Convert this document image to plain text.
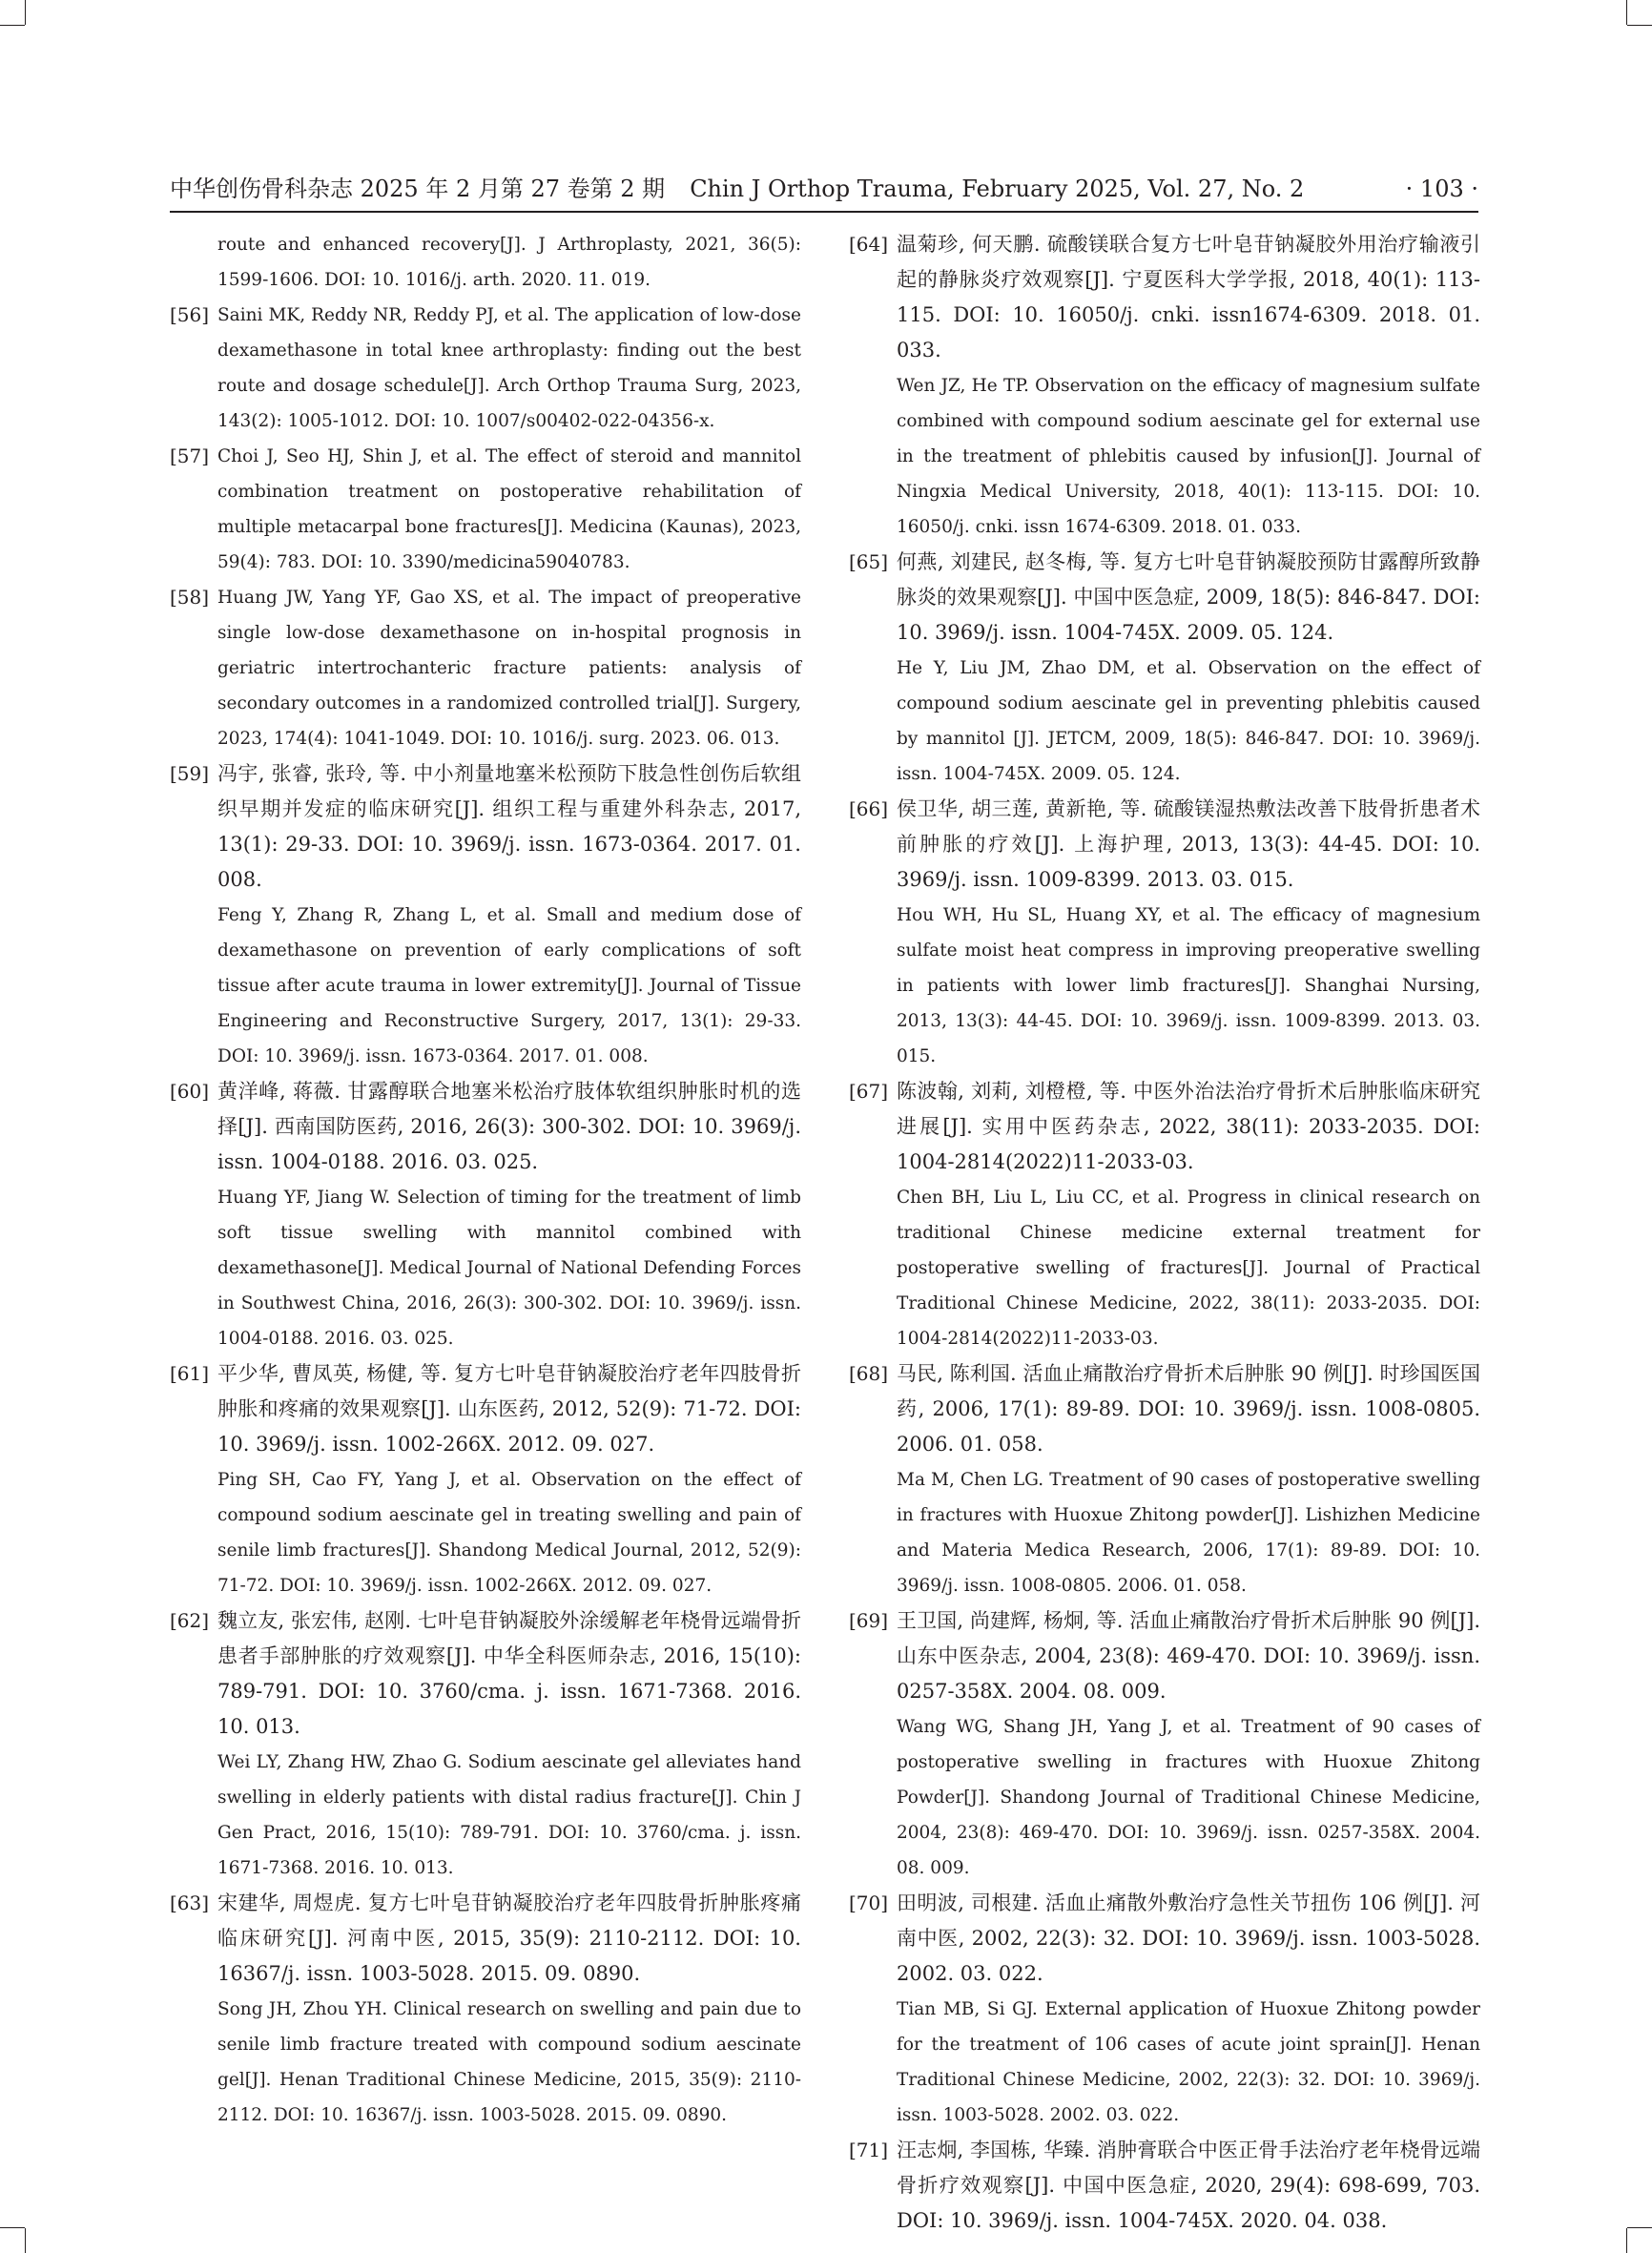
中华创伤骨科杂志 2025 年 2 月第 27 卷第 2 期 Chin J Orthop Trauma, February 2025, Vol. 27, No. 2	· 103 ·

route and enhanced recovery[J]. J Arthroplasty, 2021, 36(5): 1599-1606. DOI: 10. 1016/j. arth. 2020. 11. 019.

[56] Saini MK, Reddy NR, Reddy PJ, et al. The application of low-dose dexamethasone in total knee arthroplasty: finding out the best route and dosage schedule[J]. Arch Orthop Trauma Surg, 2023, 143(2): 1005-1012. DOI: 10. 1007/s00402-022-04356-x.

[57] Choi J, Seo HJ, Shin J, et al. The effect of steroid and mannitol combination treatment on postoperative rehabilitation of multiple metacarpal bone fractures[J]. Medicina (Kaunas), 2023, 59(4): 783. DOI: 10. 3390/medicina59040783.

[58] Huang JW, Yang YF, Gao XS, et al. The impact of preoperative single low-dose dexamethasone on in-hospital prognosis in geriatric intertrochanteric fracture patients: analysis of secondary outcomes in a randomized controlled trial[J]. Surgery, 2023, 174(4): 1041-1049. DOI: 10. 1016/j. surg. 2023. 06. 013.

[59] 冯宇, 张睿, 张玲, 等. 中小剂量地塞米松预防下肢急性创伤后软组织早期并发症的临床研究[J]. 组织工程与重建外科杂志, 2017, 13(1): 29-33. DOI: 10. 3969/j. issn. 1673-0364. 2017. 01. 008.

Feng Y, Zhang R, Zhang L, et al. Small and medium dose of dexamethasone on prevention of early complications of soft tissue after acute trauma in lower extremity[J]. Journal of Tissue Engineering and Reconstructive Surgery, 2017, 13(1): 29-33. DOI: 10. 3969/j. issn. 1673-0364. 2017. 01. 008.

[60] 黄洋峰, 蒋薇. 甘露醇联合地塞米松治疗肢体软组织肿胀时机的选择[J]. 西南国防医药, 2016, 26(3): 300-302. DOI: 10. 3969/j. issn. 1004-0188. 2016. 03. 025.

Huang YF, Jiang W. Selection of timing for the treatment of limb soft tissue swelling with mannitol combined with dexamethasone[J]. Medical Journal of National Defending Forces in Southwest China, 2016, 26(3): 300-302. DOI: 10. 3969/j. issn. 1004-0188. 2016. 03. 025.

[61] 平少华, 曹凤英, 杨健, 等. 复方七叶皂苷钠凝胶治疗老年四肢骨折肿胀和疼痛的效果观察[J]. 山东医药, 2012, 52(9): 71-72. DOI: 10. 3969/j. issn. 1002-266X. 2012. 09. 027.

Ping SH, Cao FY, Yang J, et al. Observation on the effect of compound sodium aescinate gel in treating swelling and pain of senile limb fractures[J]. Shandong Medical Journal, 2012, 52(9): 71-72. DOI: 10. 3969/j. issn. 1002-266X. 2012. 09. 027.

[62] 魏立友, 张宏伟, 赵刚. 七叶皂苷钠凝胶外涂缓解老年桡骨远端骨折患者手部肿胀的疗效观察[J]. 中华全科医师杂志, 2016, 15(10): 789-791. DOI: 10. 3760/cma. j. issn. 1671-7368. 2016. 10. 013.

Wei LY, Zhang HW, Zhao G. Sodium aescinate gel alleviates hand swelling in elderly patients with distal radius fracture[J]. Chin J Gen Pract, 2016, 15(10): 789-791. DOI: 10. 3760/cma. j. issn. 1671-7368. 2016. 10. 013.

[63] 宋建华, 周煜虎. 复方七叶皂苷钠凝胶治疗老年四肢骨折肿胀疼痛临床研究[J]. 河南中医, 2015, 35(9): 2110-2112. DOI: 10. 16367/j. issn. 1003-5028. 2015. 09. 0890.

Song JH, Zhou YH. Clinical research on swelling and pain due to senile limb fracture treated with compound sodium aescinate gel[J]. Henan Traditional Chinese Medicine, 2015, 35(9): 2110-2112. DOI: 10. 16367/j. issn. 1003-5028. 2015. 09. 0890.

[64] 温菊珍, 何天鹏. 硫酸镁联合复方七叶皂苷钠凝胶外用治疗输液引起的静脉炎疗效观察[J]. 宁夏医科大学学报, 2018, 40(1): 113-115. DOI: 10. 16050/j. cnki. issn1674-6309. 2018. 01. 033.

Wen JZ, He TP. Observation on the efficacy of magnesium sulfate combined with compound sodium aescinate gel for external use in the treatment of phlebitis caused by infusion[J]. Journal of Ningxia Medical University, 2018, 40(1): 113-115. DOI: 10. 16050/j. cnki. issn 1674-6309. 2018. 01. 033.

[65] 何燕, 刘建民, 赵冬梅, 等. 复方七叶皂苷钠凝胶预防甘露醇所致静脉炎的效果观察[J]. 中国中医急症, 2009, 18(5): 846-847. DOI: 10. 3969/j. issn. 1004-745X. 2009. 05. 124.

He Y, Liu JM, Zhao DM, et al. Observation on the effect of compound sodium aescinate gel in preventing phlebitis caused by mannitol [J]. JETCM, 2009, 18(5): 846-847. DOI: 10. 3969/j. issn. 1004-745X. 2009. 05. 124.

[66] 侯卫华, 胡三莲, 黄新艳, 等. 硫酸镁湿热敷法改善下肢骨折患者术前肿胀的疗效[J]. 上海护理, 2013, 13(3): 44-45. DOI: 10. 3969/j. issn. 1009-8399. 2013. 03. 015.

Hou WH, Hu SL, Huang XY, et al. The efficacy of magnesium sulfate moist heat compress in improving preoperative swelling in patients with lower limb fractures[J]. Shanghai Nursing, 2013, 13(3): 44-45. DOI: 10. 3969/j. issn. 1009-8399. 2013. 03. 015.

[67] 陈波翰, 刘莉, 刘橙橙, 等. 中医外治法治疗骨折术后肿胀临床研究进展[J]. 实用中医药杂志, 2022, 38(11): 2033-2035. DOI: 1004-2814(2022)11-2033-03.

Chen BH, Liu L, Liu CC, et al. Progress in clinical research on traditional Chinese medicine external treatment for postoperative swelling of fractures[J]. Journal of Practical Traditional Chinese Medicine, 2022, 38(11): 2033-2035. DOI: 1004-2814(2022)11-2033-03.

[68] 马民, 陈利国. 活血止痛散治疗骨折术后肿胀 90 例[J]. 时珍国医国药, 2006, 17(1): 89-89. DOI: 10. 3969/j. issn. 1008-0805. 2006. 01. 058.

Ma M, Chen LG. Treatment of 90 cases of postoperative swelling in fractures with Huoxue Zhitong powder[J]. Lishizhen Medicine and Materia Medica Research, 2006, 17(1): 89-89. DOI: 10. 3969/j. issn. 1008-0805. 2006. 01. 058.

[69] 王卫国, 尚建辉, 杨炯, 等. 活血止痛散治疗骨折术后肿胀 90 例[J]. 山东中医杂志, 2004, 23(8): 469-470. DOI: 10. 3969/j. issn. 0257-358X. 2004. 08. 009.

Wang WG, Shang JH, Yang J, et al. Treatment of 90 cases of postoperative swelling in fractures with Huoxue Zhitong Powder[J]. Shandong Journal of Traditional Chinese Medicine, 2004, 23(8): 469-470. DOI: 10. 3969/j. issn. 0257-358X. 2004. 08. 009.

[70] 田明波, 司根建. 活血止痛散外敷治疗急性关节扭伤 106 例[J]. 河南中医, 2002, 22(3): 32. DOI: 10. 3969/j. issn. 1003-5028. 2002. 03. 022.

Tian MB, Si GJ. External application of Huoxue Zhitong powder for the treatment of 106 cases of acute joint sprain[J]. Henan Traditional Chinese Medicine, 2002, 22(3): 32. DOI: 10. 3969/j. issn. 1003-5028. 2002. 03. 022.

[71] 汪志炯, 李国栋, 华臻. 消肿膏联合中医正骨手法治疗老年桡骨远端骨折疗效观察[J]. 中国中医急症, 2020, 29(4): 698-699, 703. DOI: 10. 3969/j. issn. 1004-745X. 2020. 04. 038.
